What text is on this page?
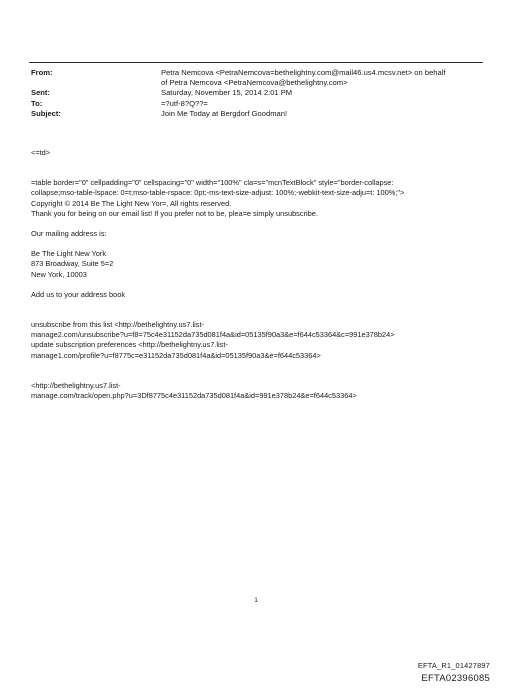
From:	Petra Nemcova <PetraNemcova=bethelightny.com@mail46.us4.mcsv.net> on behalf
of Petra Nemcova <PetraNemcova@bethelightny.com>
Sent:	Saturday, November 15, 2014 2:01 PM
To:	=?utf-8?Q??=
Subject:	Join Me Today at Bergdorf Goodman!

<=td>

=table border="0" cellpadding="0" cellspacing="0" width="100%" cla=s="mcnTextBlock" style="border-collapse:

collapse;mso-table-lspace: 0=t;mso-table-rspace: 0pt;-ms-text-size-adjust: 100%;-webkit-text-size-adju=t: 100%;">

Copyright © 2014 Be The Light New Yor=, All rights reserved.

Thank you for being on our email list! If you prefer not to be, plea=e simply unsubscribe.

Our mailing address is:

Be The Light New York

873 Broadway, Suite 5=2

New York, 10003

Add us to your address book

unsubscribe from this list <http://bethelightny.us7.list-

manage2.com/unsubscribe?u=f8=75c4e31152da735d081f4a&id=05135f90a3&e=f644c53364&c=991e378b24>

update subscription preferences <http://bethelightny.us7.list-

manage1.com/profile?u=f8775c=e31152da735d081f4a&id=05135f90a3&e=f644c53364>

<http://bethelightny.us7.list-

manage.com/track/open.php?u=3Df8775c4e31152da735d081f4a&id=991e378b24&e=f644c53364>

1
EFTA_R1_01427897
EFTA02396085
